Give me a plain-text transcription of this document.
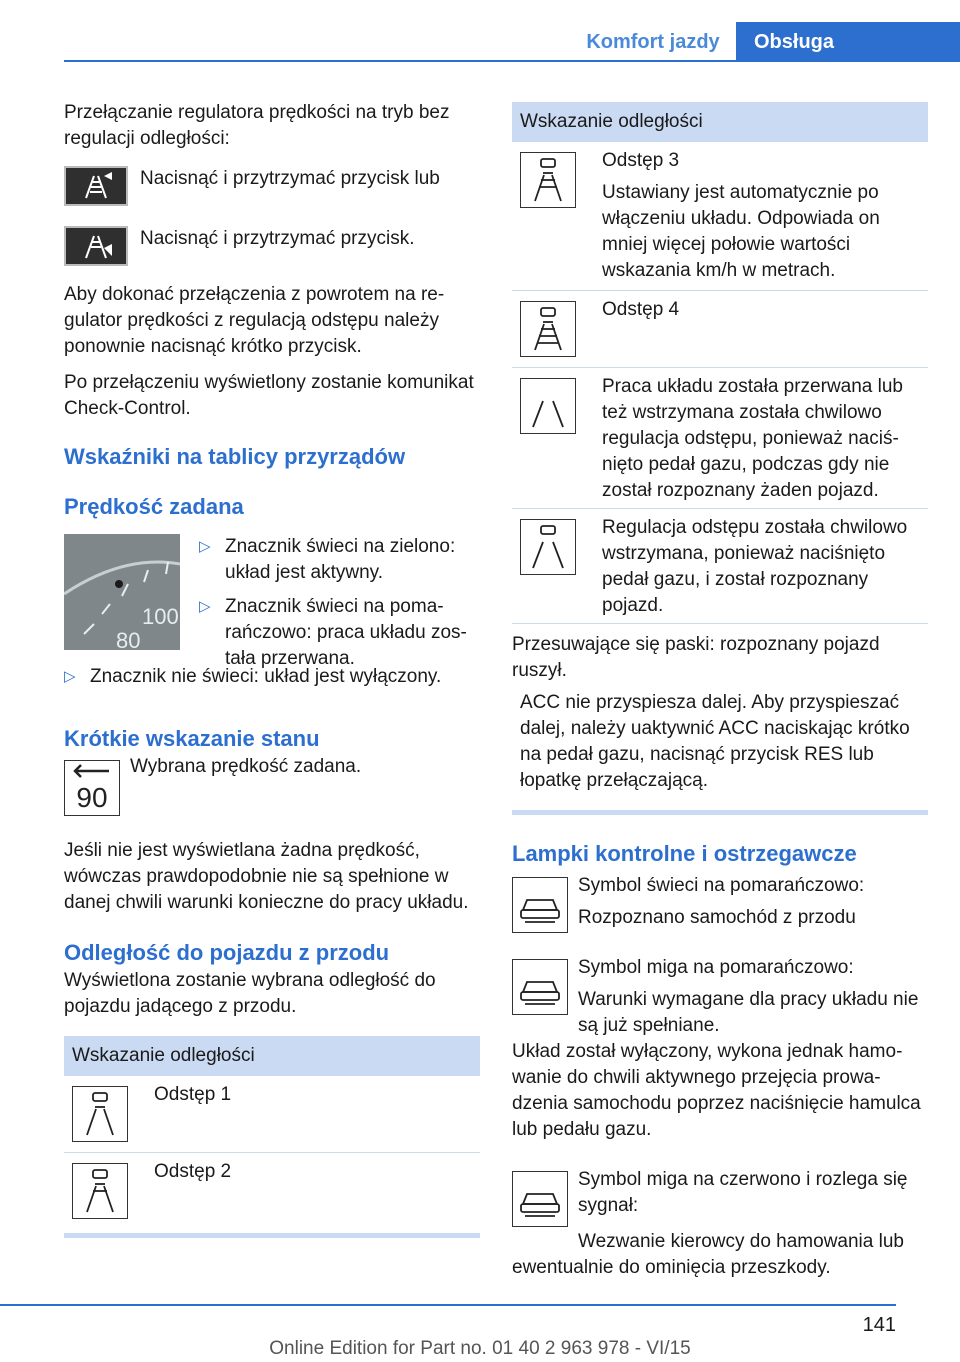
Komfort jazdy	Obsługa

Przełączanie regulatora prędkości na tryb bez regulacji odległości:

Nacisnąć i przytrzymać przycisk lub

Nacisnąć i przytrzymać przycisk.

Aby dokonać przełączenia z powrotem na regulator prędkości z regulacją odstępu należy ponownie nacisnąć krótko przycisk.

Po przełączeniu wyświetlony zostanie komunikat Check-Control.

Wskaźniki na tablicy przyrządów
Prędkość zadana
100
80
▷ Znacznik świeci na zielono: układ jest aktywny.

▷ Znacznik świeci na pomarańczowo: praca układu została przerwana.

▷ Znacznik nie świeci: układ jest wyłączony.

Krótkie wskazanie stanu
90

Wybrana prędkość zadana.

Jeśli nie jest wyświetlana żadna prędkość, wówczas prawdopodobnie nie są spełnione w danej chwili warunki konieczne do pracy układu.

Odległość do pojazdu z przodu

Wyświetlona zostanie wybrana odległość do pojazdu jadącego z przodu.

Wskazanie odległości

Odstęp 1

Odstęp 2

Wskazanie odległości

Odstęp 3

Ustawiany jest automatycznie po włączeniu układu. Odpowiada on mniej więcej połowie wartości wskazania km/h w metrach.

Odstęp 4

Praca układu została przerwana lub też wstrzymana została chwilowo regulacja odstępu, ponieważ naciśnięto pedał gazu, podczas gdy nie został rozpoznany żaden pojazd.

Regulacja odstępu została chwilowo wstrzymana, ponieważ naciśnięto pedał gazu, i został rozpoznany pojazd.

Przesuwające się paski: rozpoznany pojazd ruszył.

ACC nie przyspiesza dalej. Aby przyspieszać dalej, należy uaktywnić ACC naciskając krótko na pedał gazu, nacisnąć przycisk RES lub łopatkę przełączającą.

Lampki kontrolne i ostrzegawcze

Symbol świeci na pomarańczowo:

Rozpoznano samochód z przodu

Symbol miga na pomarańczowo:

Warunki wymagane dla pracy układu nie są już spełniane.

Układ został wyłączony, wykona jednak hamowanie do chwili aktywnego przejęcia prowadzenia samochodu poprzez naciśnięcie hamulca lub pedału gazu.

Symbol miga na czerwono i rozlega się sygnał:

Wezwanie kierowcy do hamowania lub ewentualnie do ominięcia przeszkody.

141
Online Edition for Part no. 01 40 2 963 978 - VI/15
